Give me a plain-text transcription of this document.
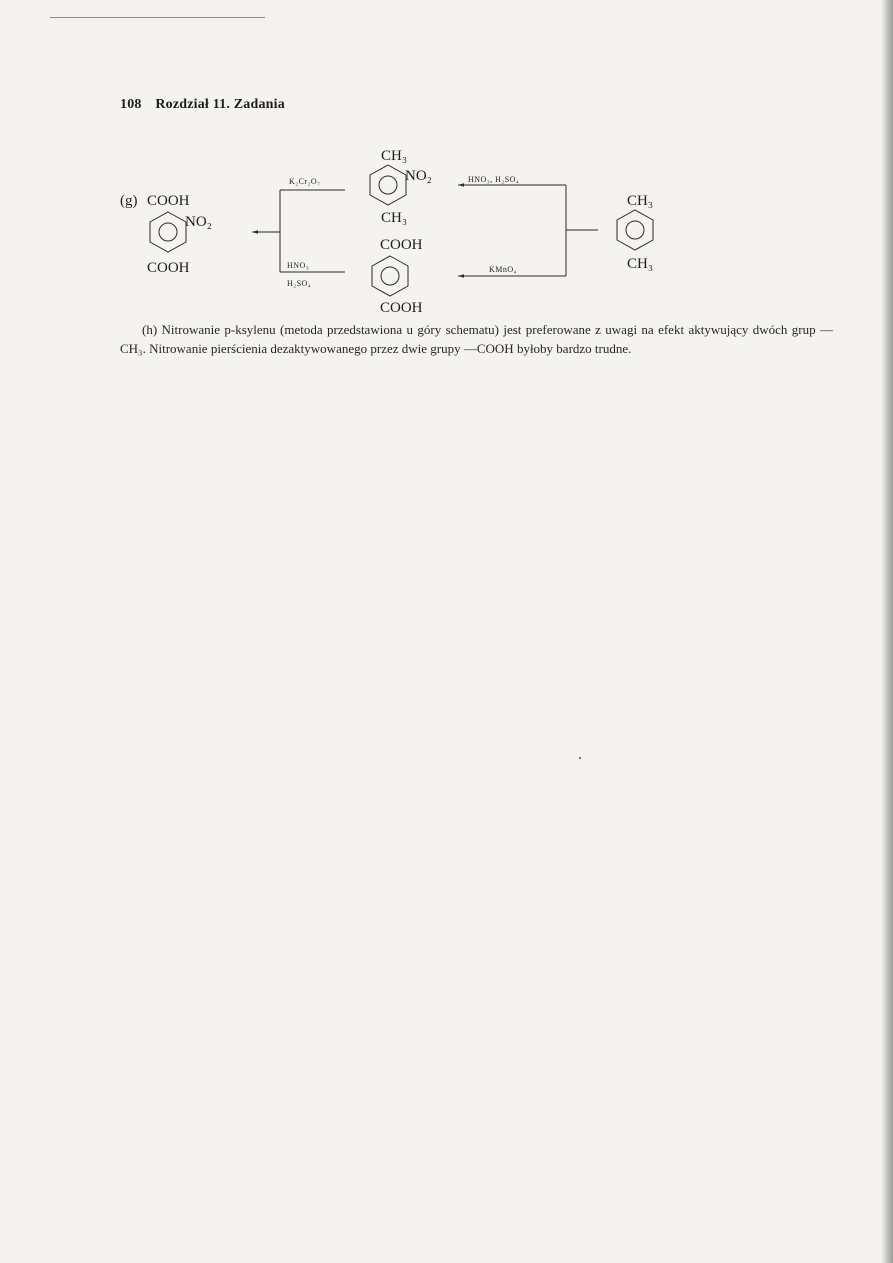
108 Rozdział 11. Zadania
(g) COOH
NO₂
COOH
K₂Cr₂O₇
HNO₃
H₂SO₄
CH₃
NO₂
CH₃
COOH
COOH
HNO₃, H₂SO₄
KMnO₄
CH₃
CH₃

(h) Nitrowanie p-ksylenu (metoda przedstawiona u góry schematu) jest preferowane z uwagi na efekt aktywujący dwóch grup —CH₃. Nitrowanie pierścienia dezaktywowanego przez dwie grupy —COOH byłoby bardzo trudne.
